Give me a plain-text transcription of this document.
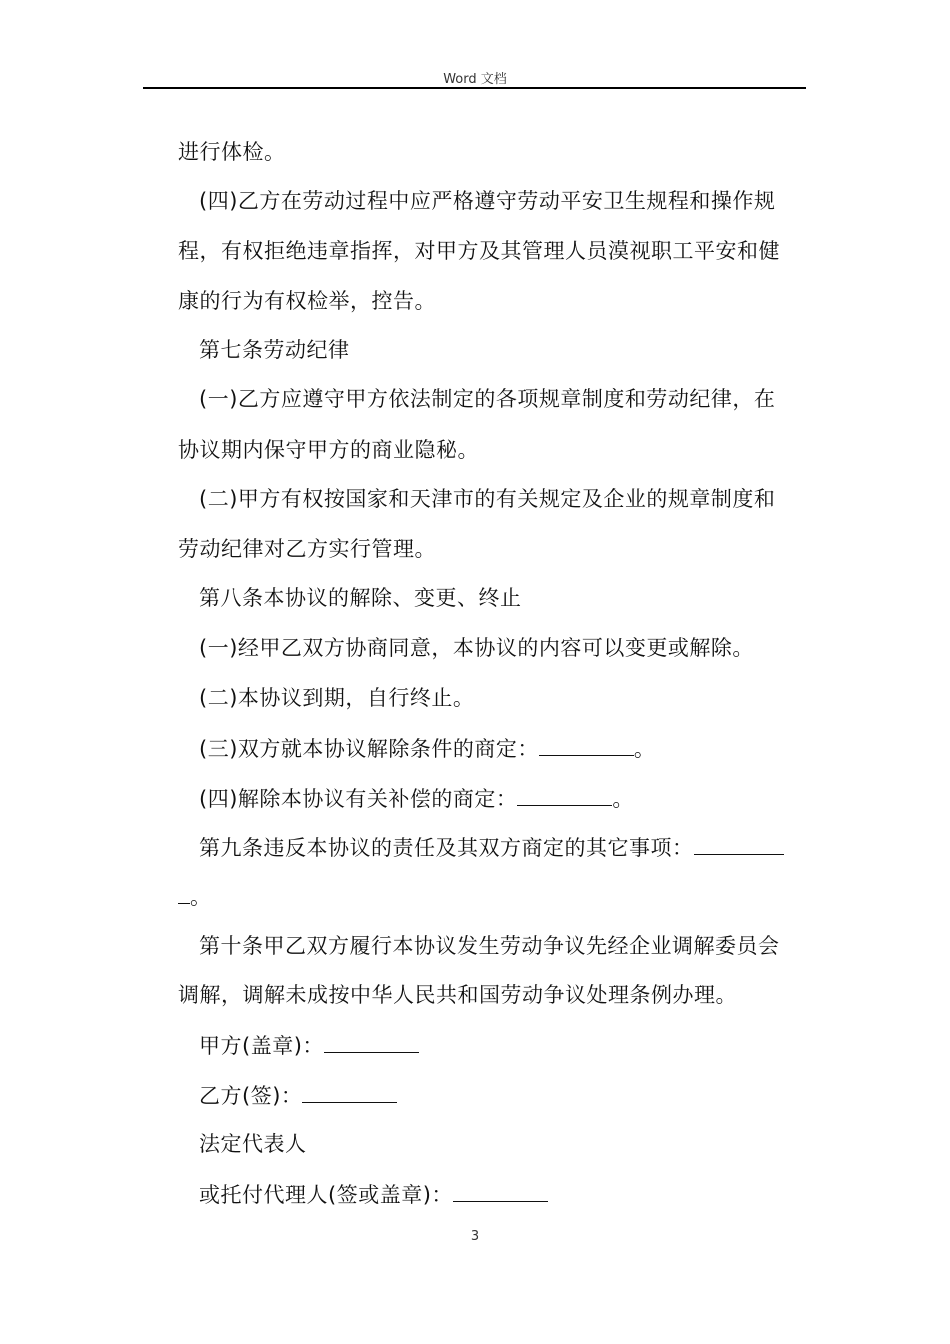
Word 文档
进行体检。
(四)乙方在劳动过程中应严格遵守劳动平安卫生规程和操作规
程，有权拒绝违章指挥，对甲方及其管理人员漠视职工平安和健
康的行为有权检举，控告。
第七条劳动纪律
(一)乙方应遵守甲方依法制定的各项规章制度和劳动纪律，在
协议期内保守甲方的商业隐秘。
(二)甲方有权按国家和天津市的有关规定及企业的规章制度和
劳动纪律对乙方实行管理。
第八条本协议的解除、变更、终止
(一)经甲乙双方协商同意，本协议的内容可以变更或解除。
(二)本协议到期，自行终止。
(三)双方就本协议解除条件的商定：	。
(四)解除本协议有关补偿的商定：	。
第九条违反本协议的责任及其双方商定的其它事项：
。
第十条甲乙双方履行本协议发生劳动争议先经企业调解委员会
调解，调解未成按中华人民共和国劳动争议处理条例办理。
甲方(盖章)：
乙方(签)：
法定代表人
或托付代理人(签或盖章)：
3
